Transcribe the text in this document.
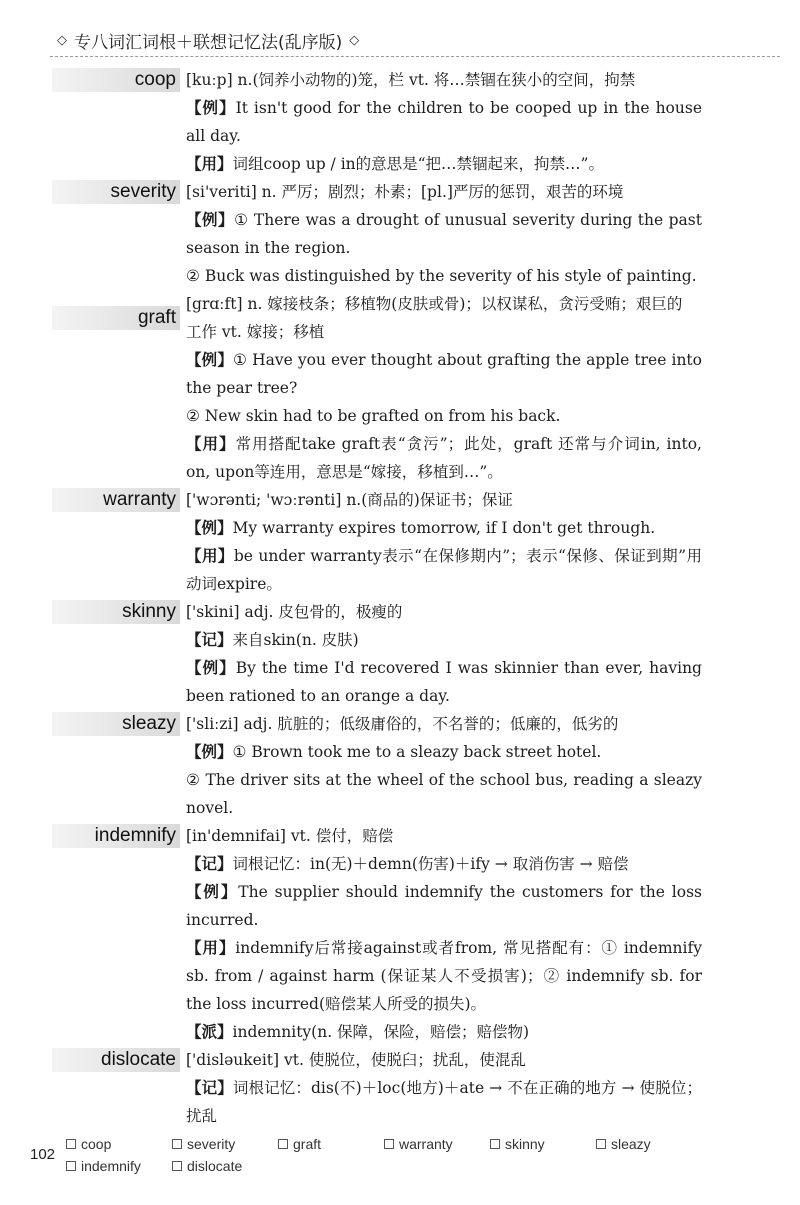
◇ 专八词汇词根＋联想记忆法(乱序版) ◇
coop [kuːp] n.(饲养小动物的)笼，栏 vt. 将…禁锢在狭小的空间，拘禁
【例】It isn't good for the children to be cooped up in the house all day.
【用】词组coop up / in的意思是“把…禁锢起来，拘禁…”。
severity [si'veriti] n. 严厉；剧烈；朴素；[pl.]严厉的惩罚，艰苦的环境
【例】① There was a drought of unusual severity during the past season in the region.
② Buck was distinguished by the severity of his style of painting.
graft
[grɑːft] n. 嫁接枝条；移植物(皮肤或骨)；以权谋私，贪污受贿；艰巨的工作 vt. 嫁接；移植
【例】① Have you ever thought about grafting the apple tree into the pear tree?
② New skin had to be grafted on from his back.
【用】常用搭配take graft表“贪污”；此处，graft 还常与介词in, into, on, upon等连用，意思是“嫁接，移植到…”。
warranty ['wɔrənti; 'wɔːrənti] n.(商品的)保证书；保证
【例】My warranty expires tomorrow, if I don't get through.
【用】be under warranty表示“在保修期内”；表示“保修、保证到期”用动词expire。
skinny ['skini] adj. 皮包骨的，极瘦的
【记】来自skin(n. 皮肤)
【例】By the time I'd recovered I was skinnier than ever, having been rationed to an orange a day.
sleazy ['sliːzi] adj. 肮脏的；低级庸俗的，不名誉的；低廉的，低劣的
【例】① Brown took me to a sleazy back street hotel.
② The driver sits at the wheel of the school bus, reading a sleazy novel.
indemnify [in'demnifai] vt. 偿付，赔偿
【记】词根记忆：in(无)＋demn(伤害)＋ify → 取消伤害 → 赔偿
【例】The supplier should indemnify the customers for the loss incurred.
【用】indemnify后常接against或者from, 常见搭配有：① indemnify sb. from / against harm (保证某人不受损害)；② indemnify sb. for the loss incurred(赔偿某人所受的损失)。
【派】indemnity(n. 保障，保险，赔偿；赔偿物)
dislocate ['disləukeit] vt. 使脱位，使脱臼；扰乱，使混乱
【记】词根记忆：dis(不)＋loc(地方)＋ate → 不在正确的地方 → 使脱位；扰乱
102
coop	severity	graft	warranty	skinny	sleazy
indemnify	dislocate
